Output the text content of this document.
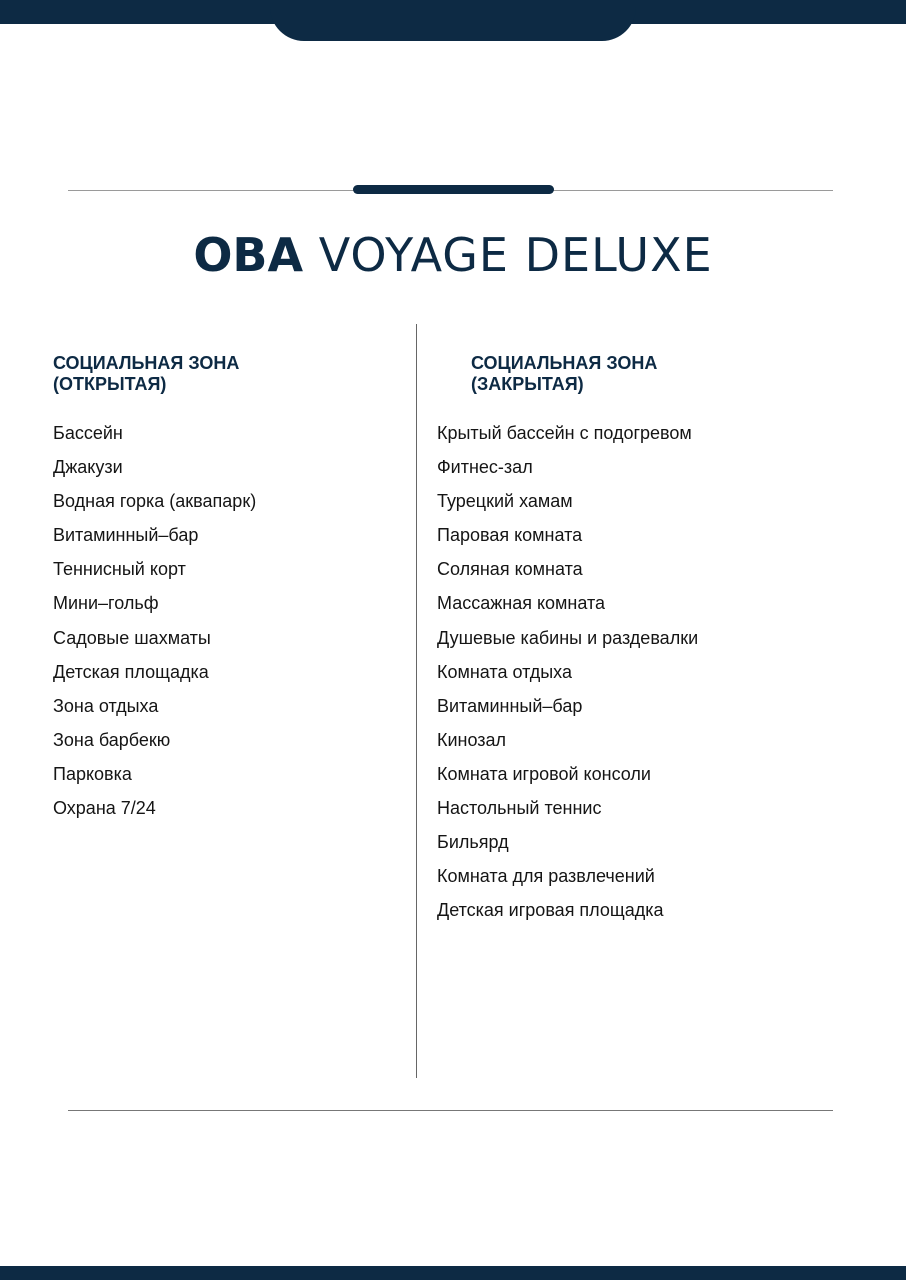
OBA VOYAGE DELUXE
СОЦИАЛЬНАЯ ЗОНА
(ОТКРЫТАЯ)
СОЦИАЛЬНАЯ ЗОНА
(ЗАКРЫТАЯ)
Бассейн
Джакузи
Водная горка (аквапарк)
Витаминный–бар
Теннисный корт
Мини–гольф
Садовые шахматы
Детская площадка
Зона отдыха
Зона барбекю
Парковка
Охрана 7/24
Крытый бассейн с подогревом
Фитнес-зал
Турецкий хамам
Паровая комната
Соляная комната
Массажная комната
Душевые кабины и раздевалки
Комната отдыха
Витаминный–бар
Кинозал
Комната игровой консоли
Настольный теннис
Бильярд
Комната для развлечений
Детская игровая площадка
